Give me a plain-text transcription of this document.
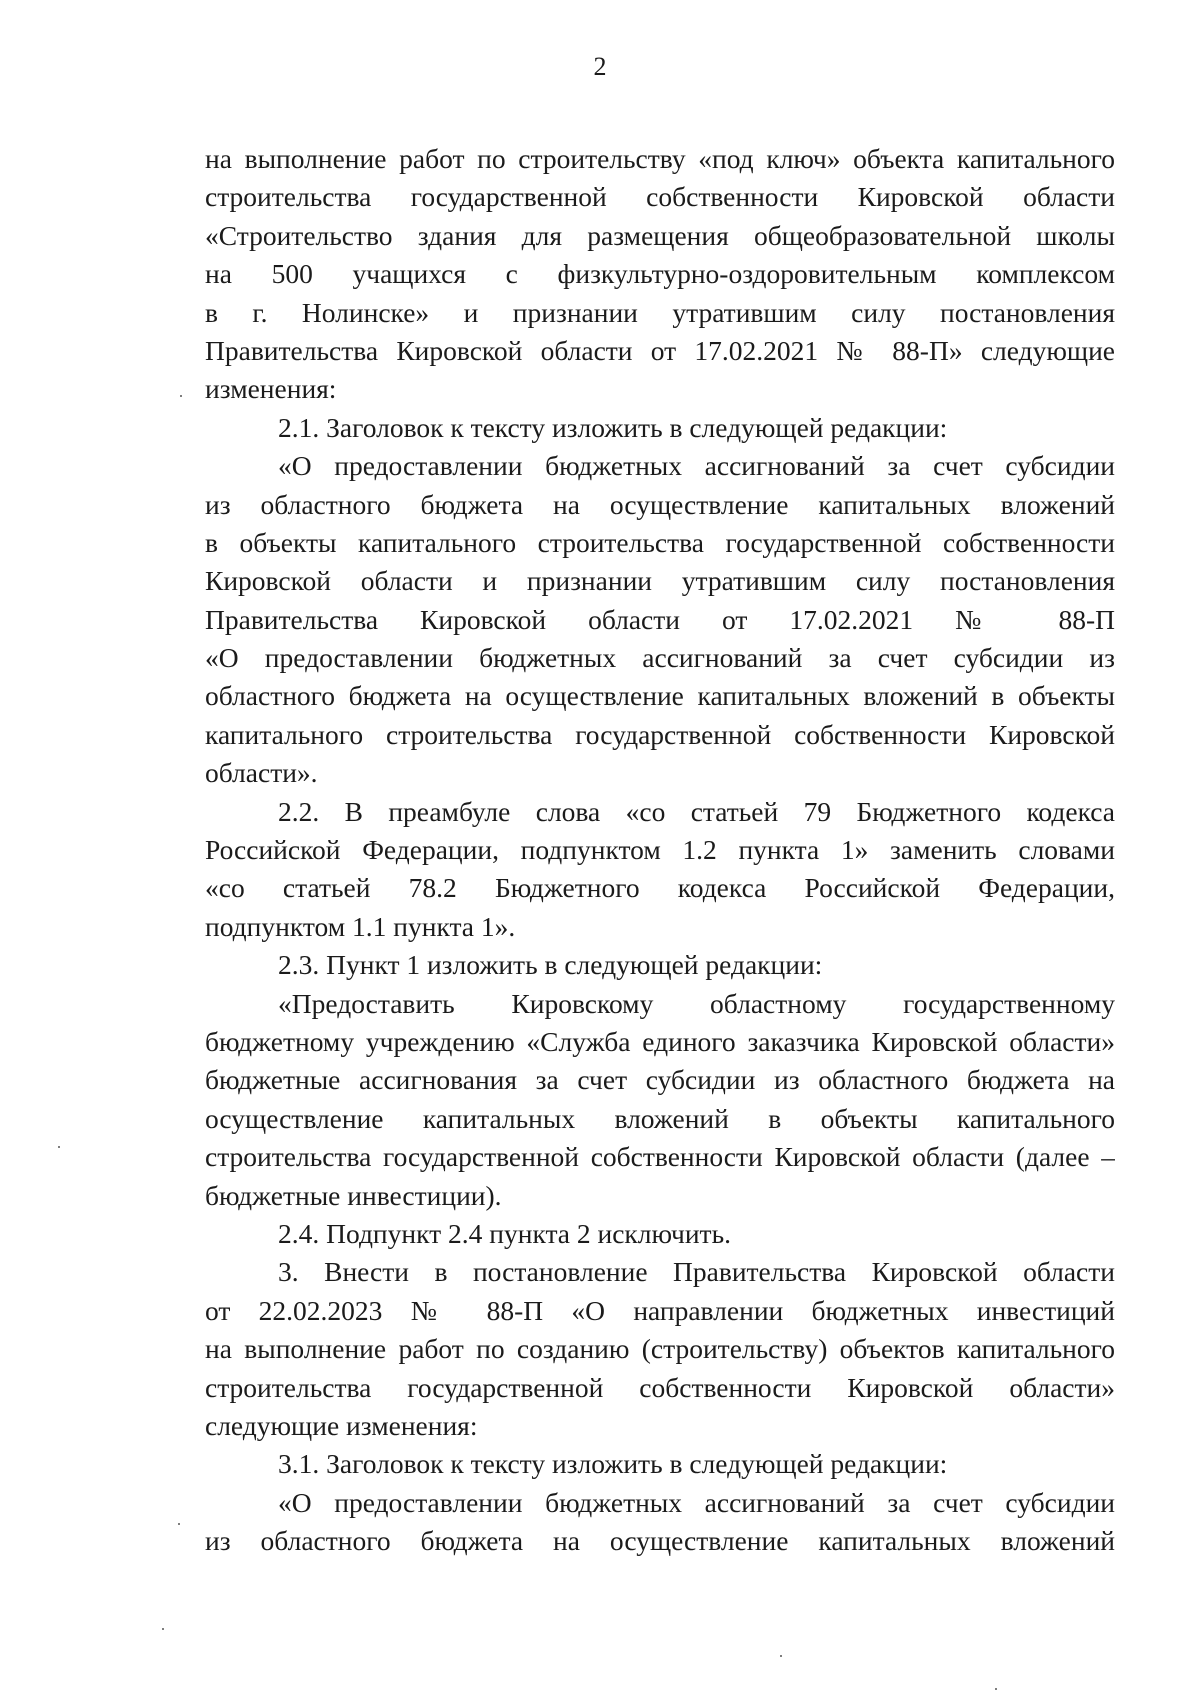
2
на выполнение работ по строительству «под ключ» объекта капитального
строительства государственной собственности Кировской области
«Строительство здания для размещения общеобразовательной школы
на 500 учащихся с физкультурно-оздоровительным комплексом
в г. Нолинске» и признании утратившим силу постановления
Правительства Кировской области от 17.02.2021 № 88-П» следующие
изменения:
2.1. Заголовок к тексту изложить в следующей редакции:
«О предоставлении бюджетных ассигнований за счет субсидии
из областного бюджета на осуществление капитальных вложений
в объекты капитального строительства государственной собственности
Кировской области и признании утратившим силу постановления
Правительства Кировской области от 17.02.2021 № 88-П
«О предоставлении бюджетных ассигнований за счет субсидии из
областного бюджета на осуществление капитальных вложений в объекты
капитального строительства государственной собственности Кировской
области».
2.2. В преамбуле слова «со статьей 79 Бюджетного кодекса
Российской Федерации, подпунктом 1.2 пункта 1» заменить словами
«со статьей 78.2 Бюджетного кодекса Российской Федерации,
подпунктом 1.1 пункта 1».
2.3. Пункт 1 изложить в следующей редакции:
«Предоставить Кировскому областному государственному
бюджетному учреждению «Служба единого заказчика Кировской области»
бюджетные ассигнования за счет субсидии из областного бюджета на
осуществление капитальных вложений в объекты капитального
строительства государственной собственности Кировской области (далее –
бюджетные инвестиции).
2.4. Подпункт 2.4 пункта 2 исключить.
3. Внести в постановление Правительства Кировской области
от 22.02.2023 № 88-П «О направлении бюджетных инвестиций
на выполнение работ по созданию (строительству) объектов капитального
строительства государственной собственности Кировской области»
следующие изменения:
3.1. Заголовок к тексту изложить в следующей редакции:
«О предоставлении бюджетных ассигнований за счет субсидии
из областного бюджета на осуществление капитальных вложений
